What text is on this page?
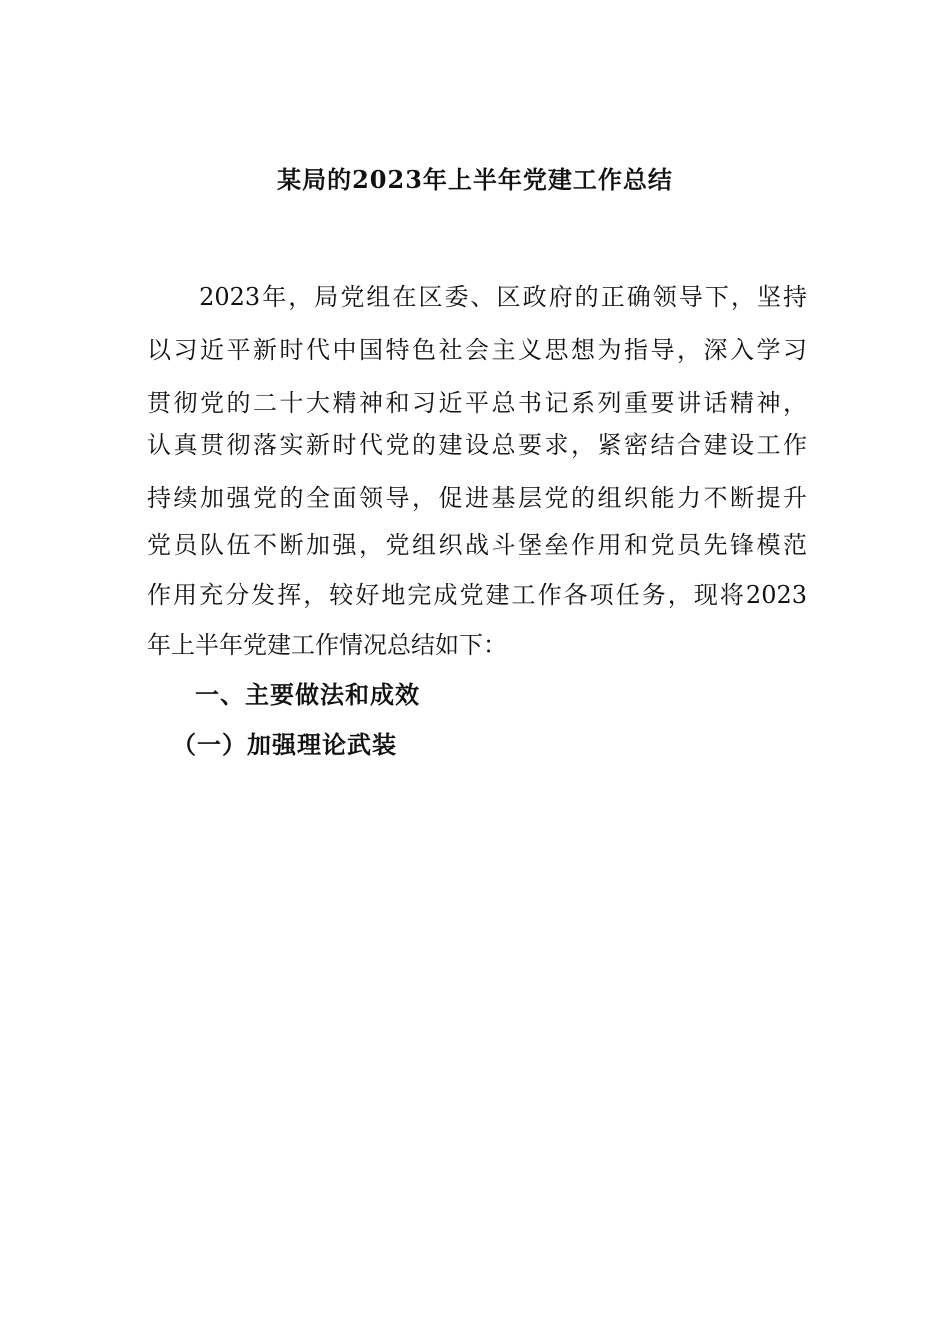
某局的2023年上半年党建工作总结
　　2023年，局党组在区委、区政府的正确领导下，坚持
以习近平新时代中国特色社会主义思想为指导，深入学习
贯彻党的二十大精神和习近平总书记系列重要讲话精神，
认真贯彻落实新时代党的建设总要求，紧密结合建设工作
持续加强党的全面领导，促进基层党的组织能力不断提升
党员队伍不断加强，党组织战斗堡垒作用和党员先锋模范
作用充分发挥，较好地完成党建工作各项任务，现将2023
年上半年党建工作情况总结如下：
一、主要做法和成效
（一）加强理论武装
